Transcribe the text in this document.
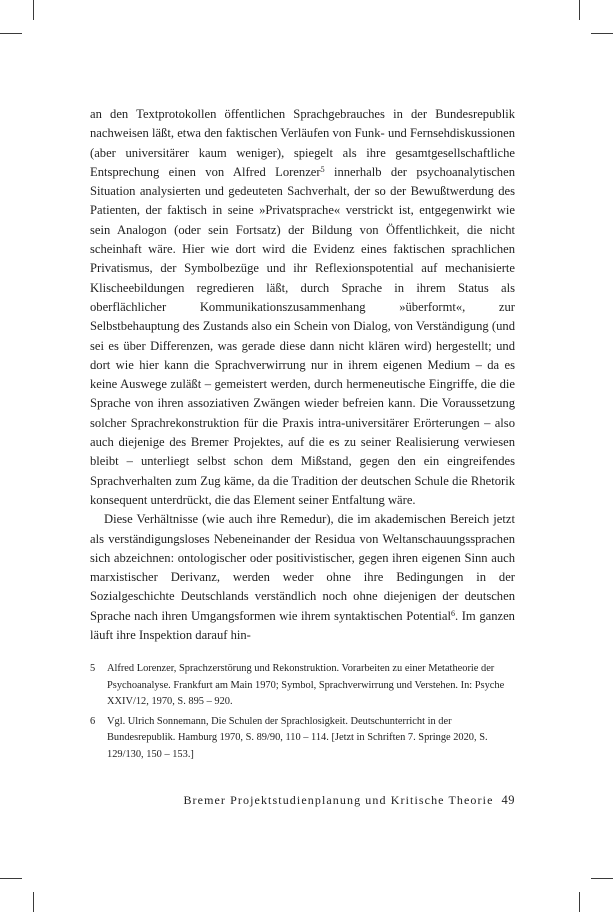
an den Textprotokollen öffentlichen Sprachgebrauches in der Bundesrepublik nachweisen läßt, etwa den faktischen Verläufen von Funk- und Fernsehdiskussionen (aber universitärer kaum weniger), spiegelt als ihre gesamtgesellschaftliche Entsprechung einen von Alfred Lorenzer$^5$ innerhalb der psychoanalytischen Situation analysierten und gedeuteten Sachverhalt, der so der Bewußtwerdung des Patienten, der faktisch in seine »Privatsprache« verstrickt ist, entgegenwirkt wie sein Analogon (oder sein Fortsatz) der Bildung von Öffentlichkeit, die nicht scheinhaft wäre. Hier wie dort wird die Evidenz eines faktischen sprachlichen Privatismus, der Symbolbezüge und ihr Reflexionspotential auf mechanisierte Klischeebildungen regredieren läßt, durch Sprache in ihrem Status als oberflächlicher Kommunikationszusammenhang »überformt«, zur Selbstbehauptung des Zustands also ein Schein von Dialog, von Verständigung (und sei es über Differenzen, was gerade diese dann nicht klären wird) hergestellt; und dort wie hier kann die Sprachverwirrung nur in ihrem eigenen Medium – da es keine Auswege zuläßt – gemeistert werden, durch hermeneutische Eingriffe, die die Sprache von ihren assoziativen Zwängen wieder befreien kann. Die Voraussetzung solcher Sprachrekonstruktion für die Praxis intra-universitärer Erörterungen – also auch diejenige des Bremer Projektes, auf die es zu seiner Realisierung verwiesen bleibt – unterliegt selbst schon dem Mißstand, gegen den ein eingreifendes Sprachverhalten zum Zug käme, da die Tradition der deutschen Schule die Rhetorik konsequent unterdrückt, die das Element seiner Entfaltung wäre.

Diese Verhältnisse (wie auch ihre Remedur), die im akademischen Bereich jetzt als verständigungsloses Nebeneinander der Residua von Weltanschauungssprachen sich abzeichnen: ontologischer oder positivistischer, gegen ihren eigenen Sinn auch marxistischer Derivanz, werden weder ohne ihre Bedingungen in der Sozialgeschichte Deutschlands verständlich noch ohne diejenigen der deutschen Sprache nach ihren Umgangsformen wie ihrem syntaktischen Potential$^6$. Im ganzen läuft ihre Inspektion darauf hin-

5	Alfred Lorenzer, Sprachzerstörung und Rekonstruktion. Vorarbeiten zu einer Metatheorie der Psychoanalyse. Frankfurt am Main 1970; Symbol, Sprachverwirrung und Verstehen. In: Psyche XXIV/12, 1970, S. 895 – 920.
6	Vgl. Ulrich Sonnemann, Die Schulen der Sprachlosigkeit. Deutschunterricht in der Bundesrepublik. Hamburg 1970, S. 89/90, 110 – 114. [Jetzt in Schriften 7. Springe 2020, S. 129/130, 150 – 153.]
Bremer Projektstudienplanung und Kritische Theorie 49
